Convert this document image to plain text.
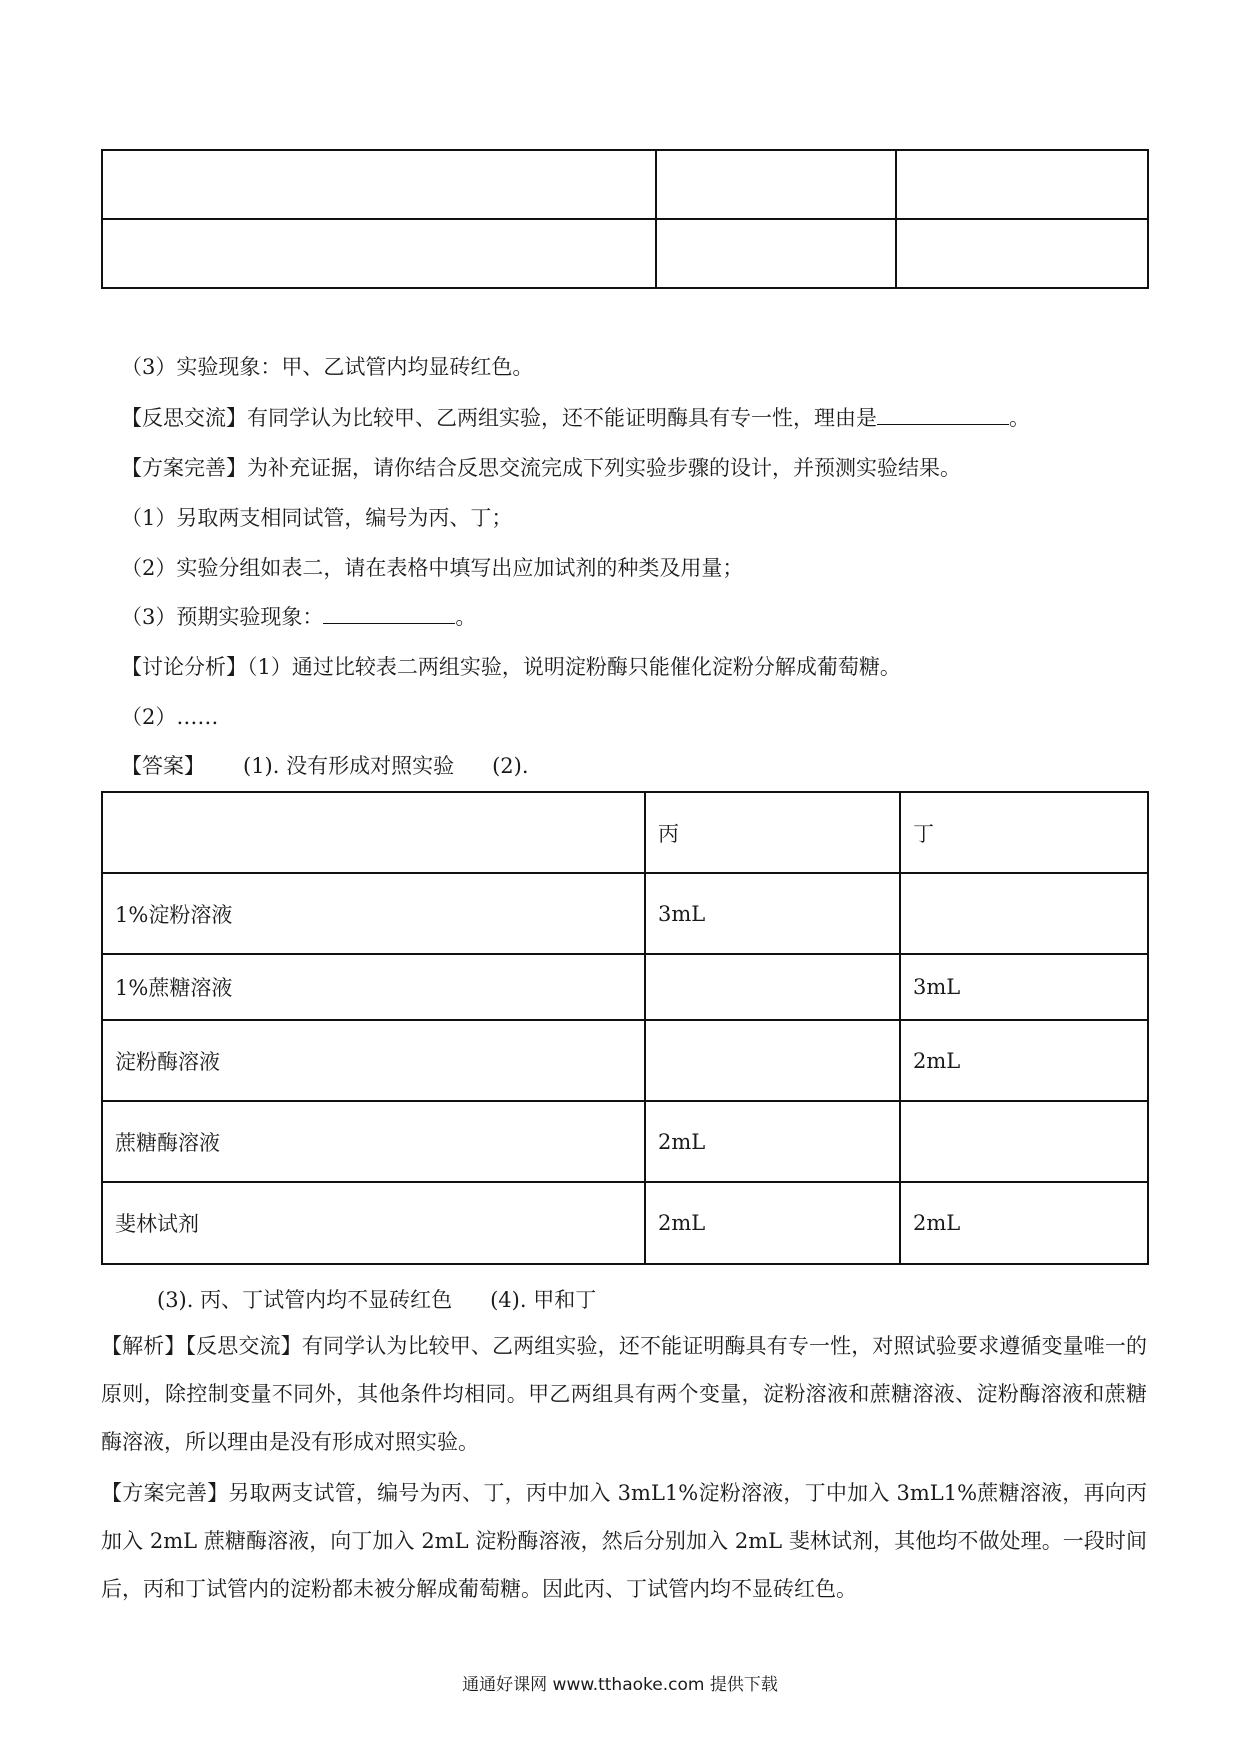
（3）实验现象：甲、乙试管内均显砖红色。
【反思交流】有同学认为比较甲、乙两组实验，还不能证明酶具有专一性，理由是	。
【方案完善】为补充证据，请你结合反思交流完成下列实验步骤的设计，并预测实验结果。
（1）另取两支相同试管，编号为丙、丁；
（2）实验分组如表二，请在表格中填写出应加试剂的种类及用量；
（3）预期实验现象：	。
【讨论分析】（1）通过比较表二两组实验，说明淀粉酶只能催化淀粉分解成葡萄糖。
（2）……
【答案】 (1). 没有形成对照实验 (2).
	丙	丁
1%淀粉溶液	3mL	
1%蔗糖溶液		3mL
淀粉酶溶液		2mL
蔗糖酶溶液	2mL	
斐林试剂	2mL	2mL
(3). 丙、丁试管内均不显砖红色 (4). 甲和丁
【解析】【反思交流】有同学认为比较甲、乙两组实验，还不能证明酶具有专一性，对照试验要求遵循变量唯一的原则，除控制变量不同外，其他条件均相同。甲乙两组具有两个变量，淀粉溶液和蔗糖溶液、淀粉酶溶液和蔗糖酶溶液，所以理由是没有形成对照实验。
【方案完善】另取两支试管，编号为丙、丁，丙中加入 3mL1%淀粉溶液，丁中加入 3mL1%蔗糖溶液，再向丙加入 2mL 蔗糖酶溶液，向丁加入 2mL 淀粉酶溶液，然后分别加入 2mL 斐林试剂，其他均不做处理。一段时间后，丙和丁试管内的淀粉都未被分解成葡萄糖。因此丙、丁试管内均不显砖红色。
通通好课网 www.tthaoke.com 提供下载
